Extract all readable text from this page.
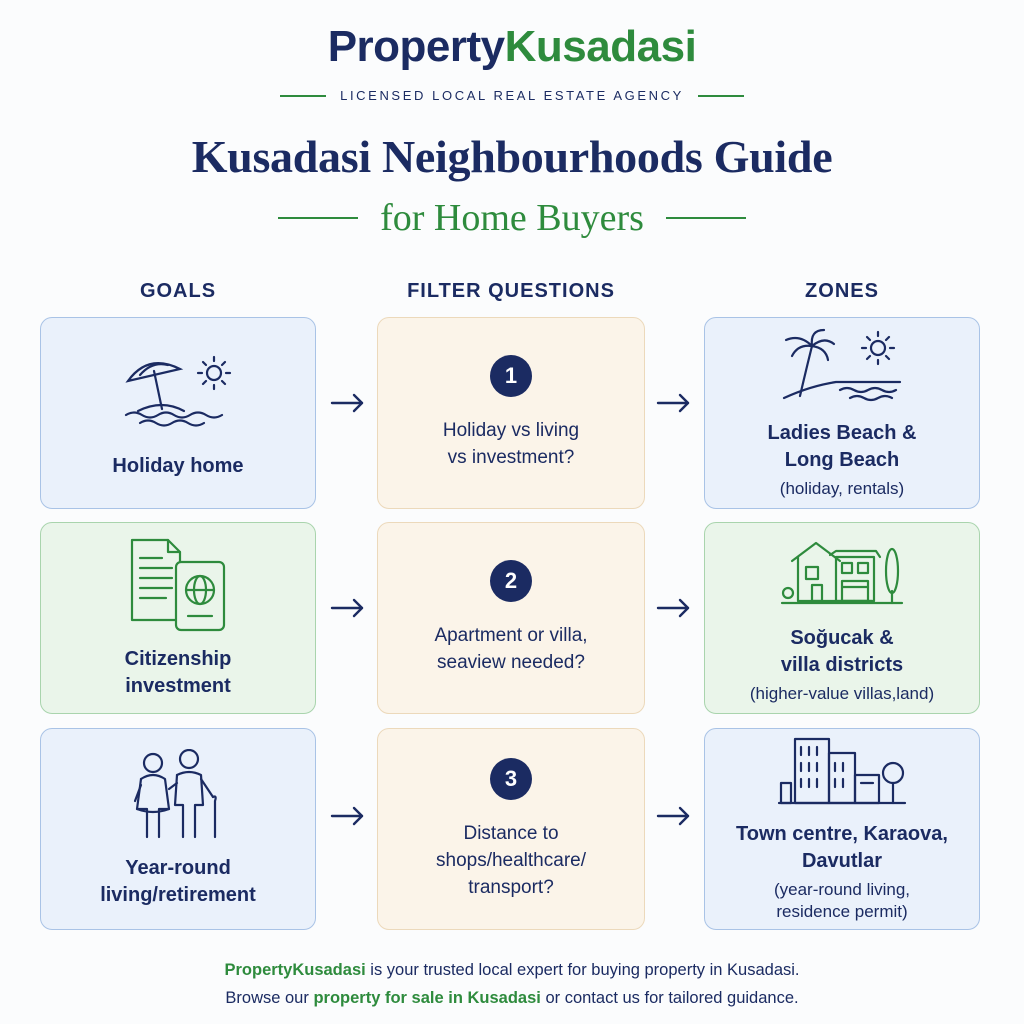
PropertyKusadasi
LICENSED LOCAL REAL ESTATE AGENCY
Kusadasi Neighbourhoods Guide
for Home Buyers
GOALS	FILTER QUESTIONS	ZONES
Holiday home
1
Holiday vs living
vs investment?
Ladies Beach &
Long Beach
(holiday, rentals)
Citizenship
investment
2
Apartment or villa,
seaview needed?
Soğucak &
villa districts
(higher-value villas,land)
Year-round
living/retirement
3
Distance to
shops/healthcare/
transport?
Town centre, Karaova,
Davutlar
(year-round living,
residence permit)
PropertyKusadasi is your trusted local expert for buying property in Kusadasi.
Browse our property for sale in Kusadasi or contact us for tailored guidance.
